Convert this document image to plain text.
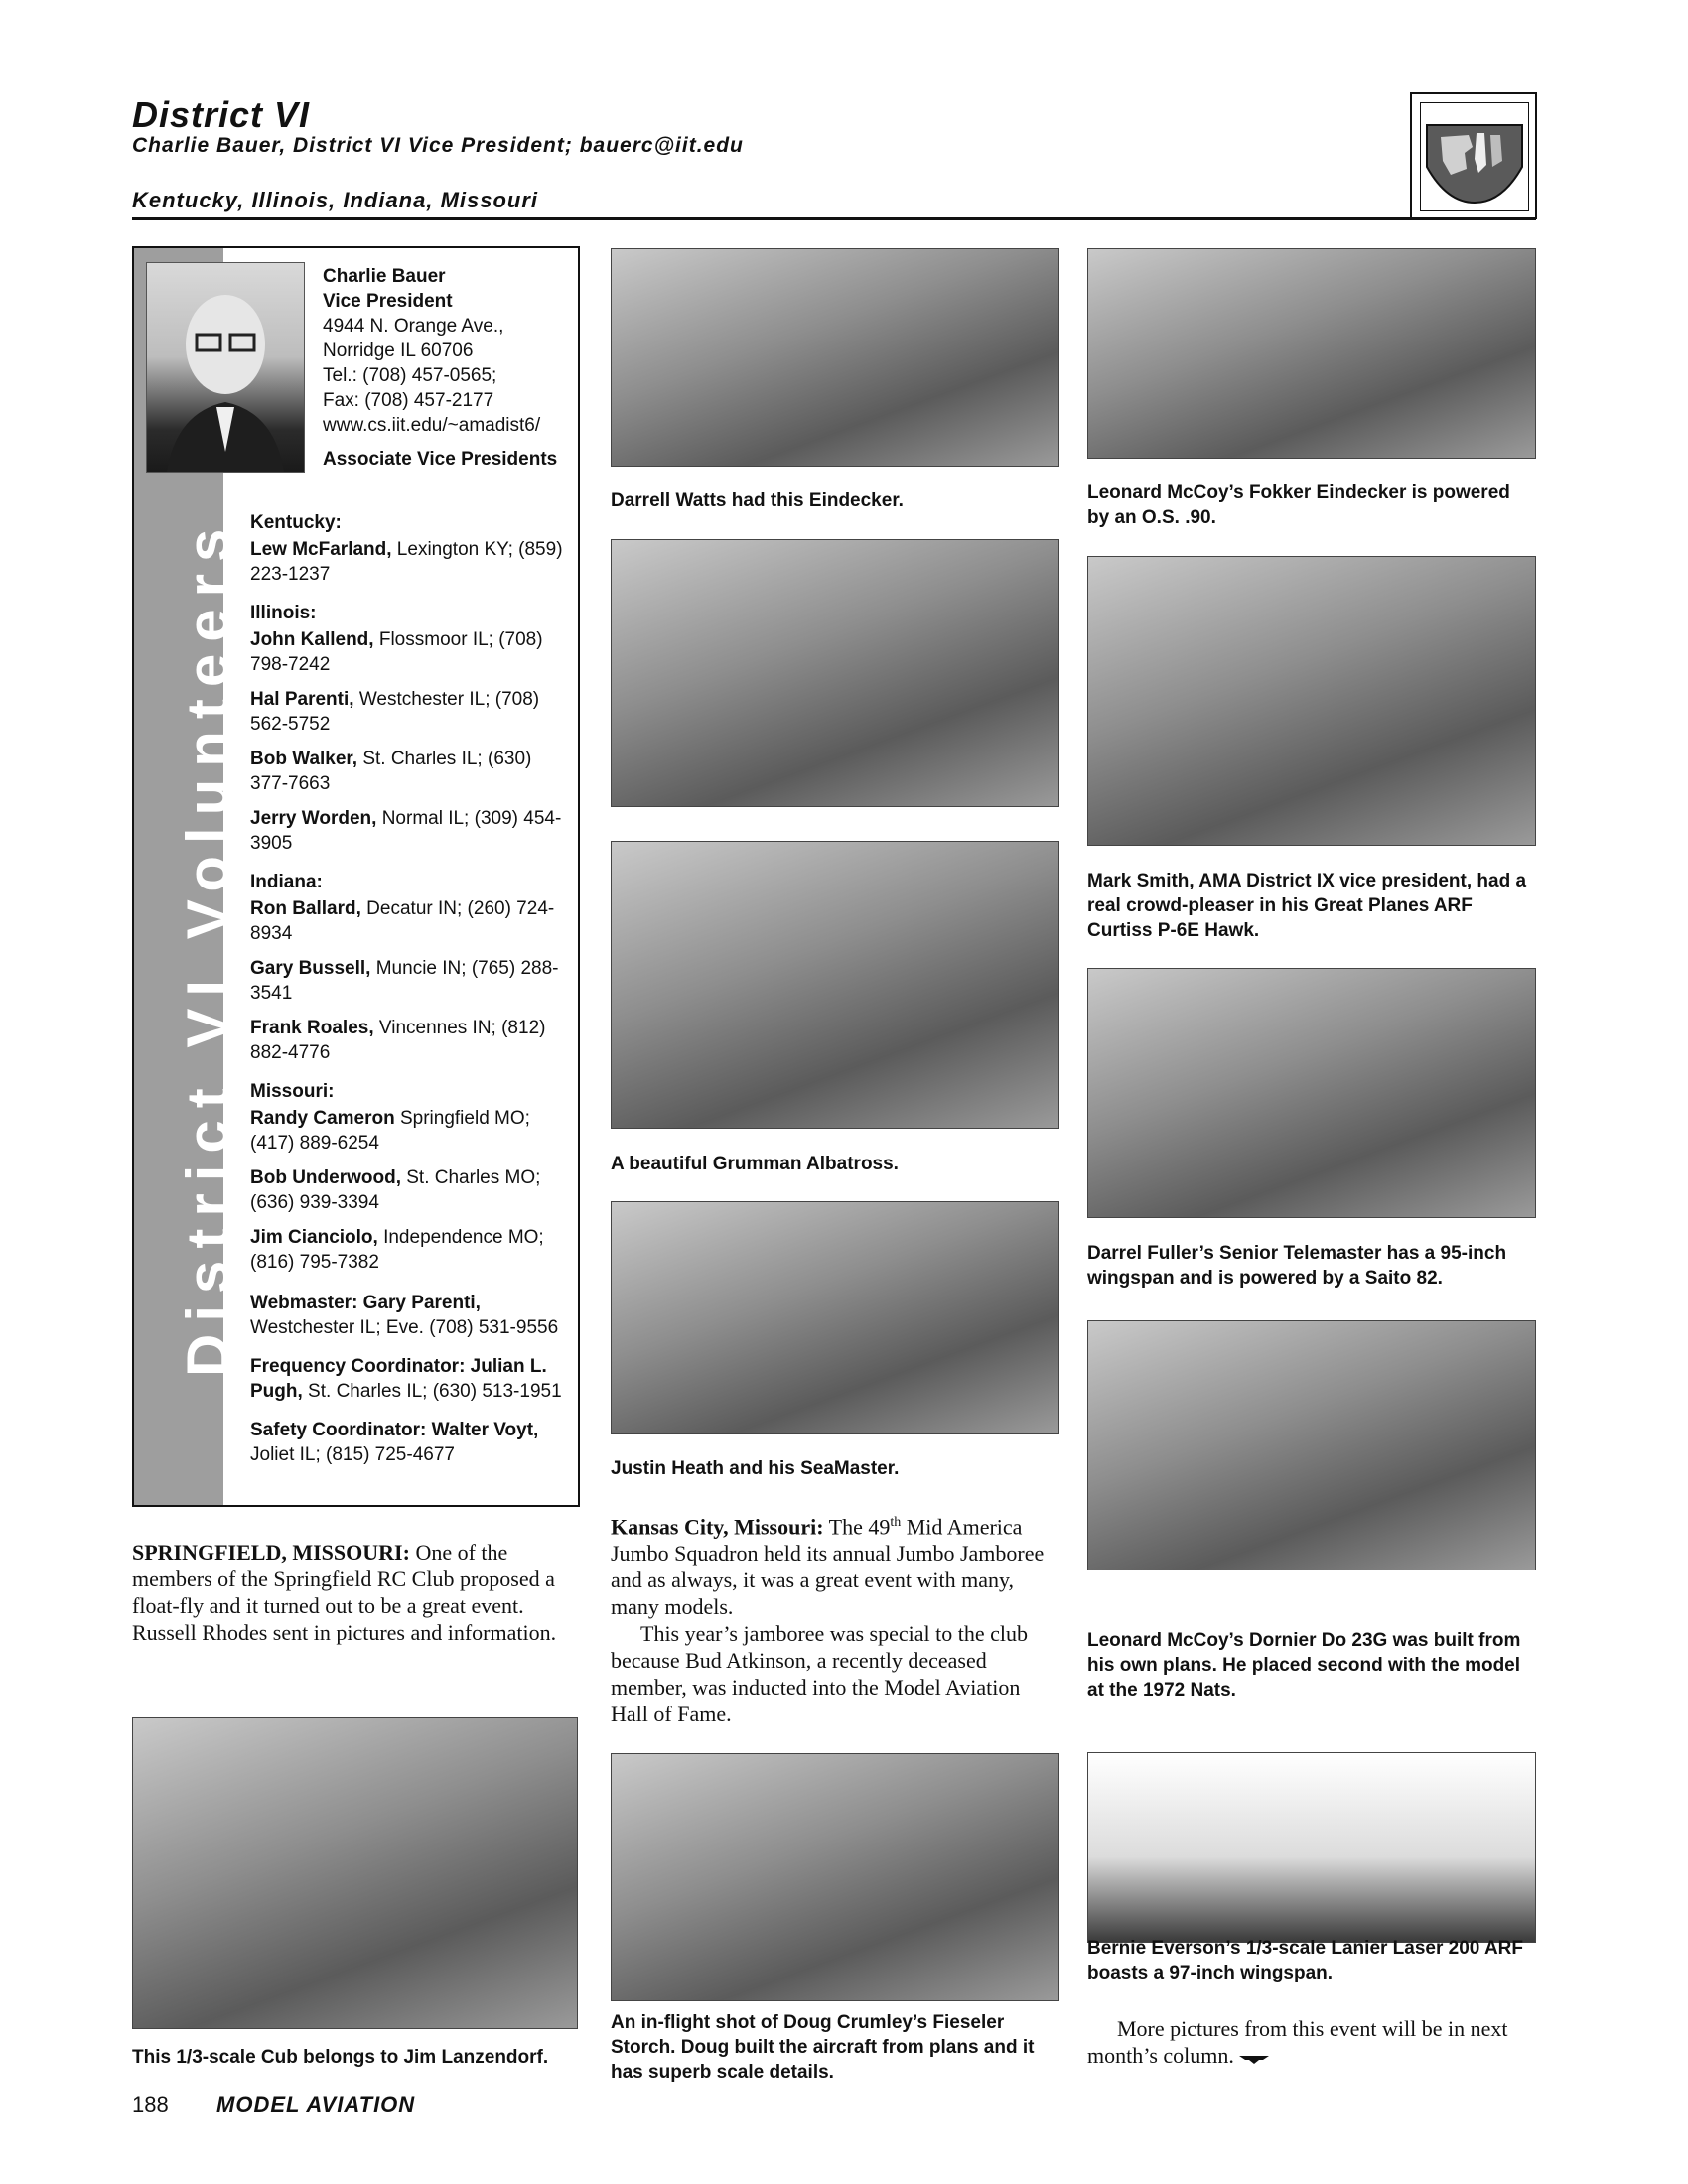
District VI
Charlie Bauer, District VI Vice President; bauerc@iit.edu
Kentucky, Illinois, Indiana, Missouri
District VI Volunteers
Charlie Bauer
Vice President
4944 N. Orange Ave.,
Norridge IL 60706
Tel.: (708) 457-0565;
Fax: (708) 457-2177
www.cs.iit.edu/~amadist6/
Associate Vice Presidents
Kentucky:

Lew McFarland, Lexington KY; (859) 223-1237

Illinois:

John Kallend, Flossmoor IL; (708) 798-7242

Hal Parenti, Westchester IL; (708) 562-5752

Bob Walker, St. Charles IL; (630) 377-7663

Jerry Worden, Normal IL; (309) 454-3905

Indiana:

Ron Ballard, Decatur IN; (260) 724-8934

Gary Bussell, Muncie IN; (765) 288-3541

Frank Roales, Vincennes IN; (812) 882-4776

Missouri:

Randy Cameron Springfield MO; (417) 889-6254

Bob Underwood, St. Charles MO; (636) 939-3394

Jim Cianciolo, Independence MO; (816) 795-7382

Webmaster: Gary Parenti, Westchester IL; Eve. (708) 531-9556

Frequency Coordinator: Julian L. Pugh, St. Charles IL; (630) 513-1951

Safety Coordinator: Walter Voyt, Joliet IL; (815) 725-4677

SPRINGFIELD, MISSOURI: One of the members of the Springfield RC Club proposed a float-fly and it turned out to be a great event. Russell Rhodes sent in pictures and information.
This 1/3-scale Cub belongs to Jim Lanzendorf.
Darrell Watts had this Eindecker.
A beautiful Grumman Albatross.
Justin Heath and his SeaMaster.
Kansas City, Missouri: The 49th Mid America Jumbo Squadron held its annual Jumbo Jamboree and as always, it was a great event with many, many models.
This year’s jamboree was special to the club because Bud Atkinson, a recently deceased member, was inducted into the Model Aviation Hall of Fame.
An in-flight shot of Doug Crumley’s Fieseler Storch. Doug built the aircraft from plans and it has superb scale details.
Leonard McCoy’s Fokker Eindecker is powered by an O.S. .90.
Mark Smith, AMA District IX vice president, had a real crowd-pleaser in his Great Planes ARF Curtiss P-6E Hawk.
Darrel Fuller’s Senior Telemaster has a 95-inch wingspan and is powered by a Saito 82.
Leonard McCoy’s Dornier Do 23G was built from his own plans. He placed second with the model at the 1972 Nats.
Bernie Everson’s 1/3-scale Lanier Laser 200 ARF boasts a 97-inch wingspan.
More pictures from this event will be in next month’s column.
188 MODEL AVIATION
